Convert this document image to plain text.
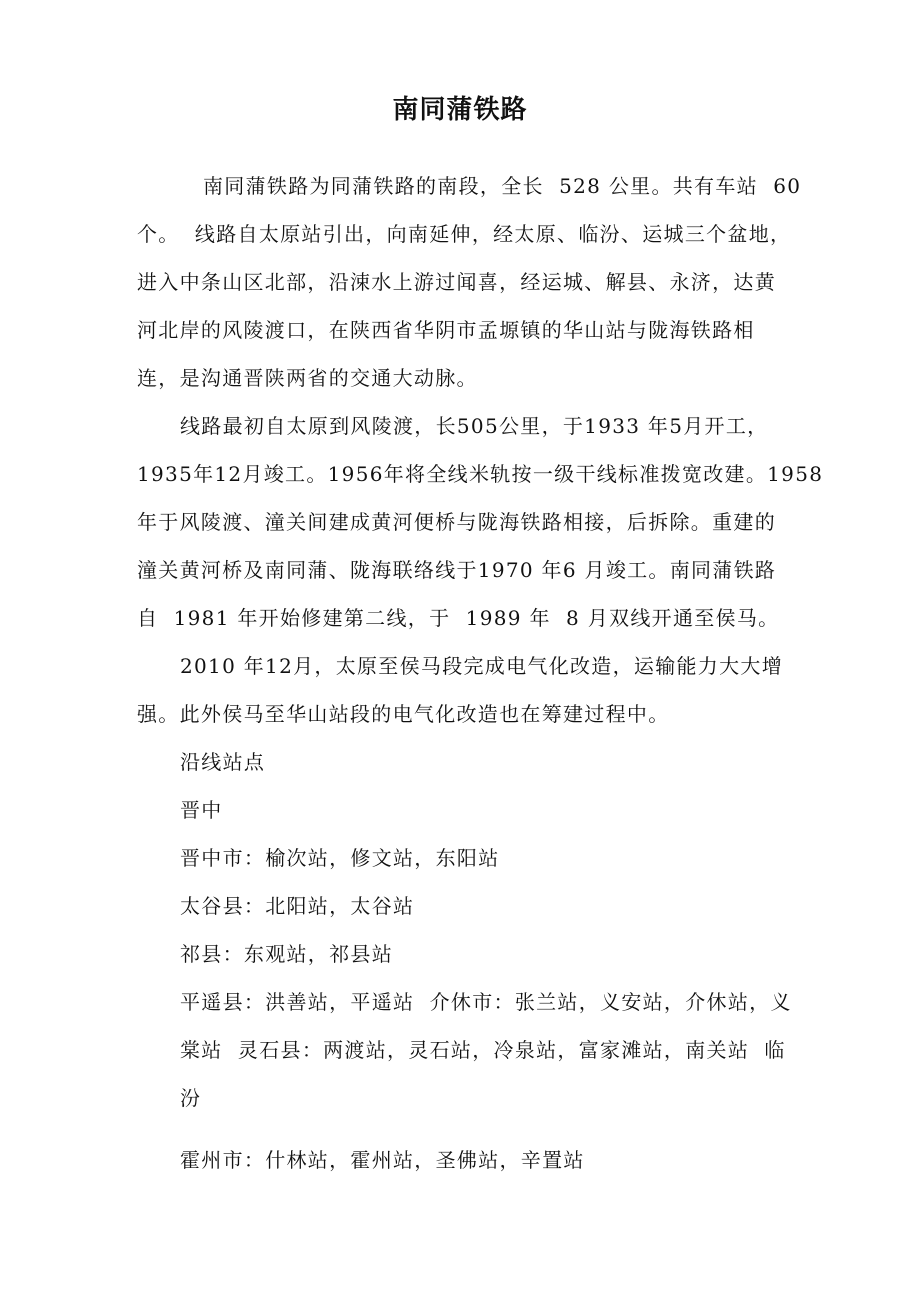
南同蒲铁路
南同蒲铁路为同蒲铁路的南段，全长  528 公里。共有车站  60
个。  线路自太原站引出，向南延伸，经太原、临汾、运城三个盆地，
进入中条山区北部，沿涑水上游过闻喜，经运城、解县、永济，达黄
河北岸的风陵渡口，在陕西省华阴市孟塬镇的华山站与陇海铁路相
连，是沟通晋陕两省的交通大动脉。
线路最初自太原到风陵渡，长505公里，于1933 年5月开工，
1935年12月竣工。1956年将全线米轨按一级干线标准拨宽改建。1958
年于风陵渡、潼关间建成黄河便桥与陇海铁路相接，后拆除。重建的
潼关黄河桥及南同蒲、陇海联络线于1970 年6 月竣工。南同蒲铁路
自  1981 年开始修建第二线，于  1989 年  8 月双线开通至侯马。
2010 年12月，太原至侯马段完成电气化改造，运输能力大大增
强。此外侯马至华山站段的电气化改造也在筹建过程中。
沿线站点
晋中
晋中市：榆次站，修文站，东阳站
太谷县：北阳站，太谷站
祁县：东观站，祁县站
平遥县：洪善站，平遥站  介休市：张兰站，义安站，介休站，义
棠站  灵石县：两渡站，灵石站，冷泉站，富家滩站，南关站  临
汾
霍州市：什林站，霍州站，圣佛站，辛置站
